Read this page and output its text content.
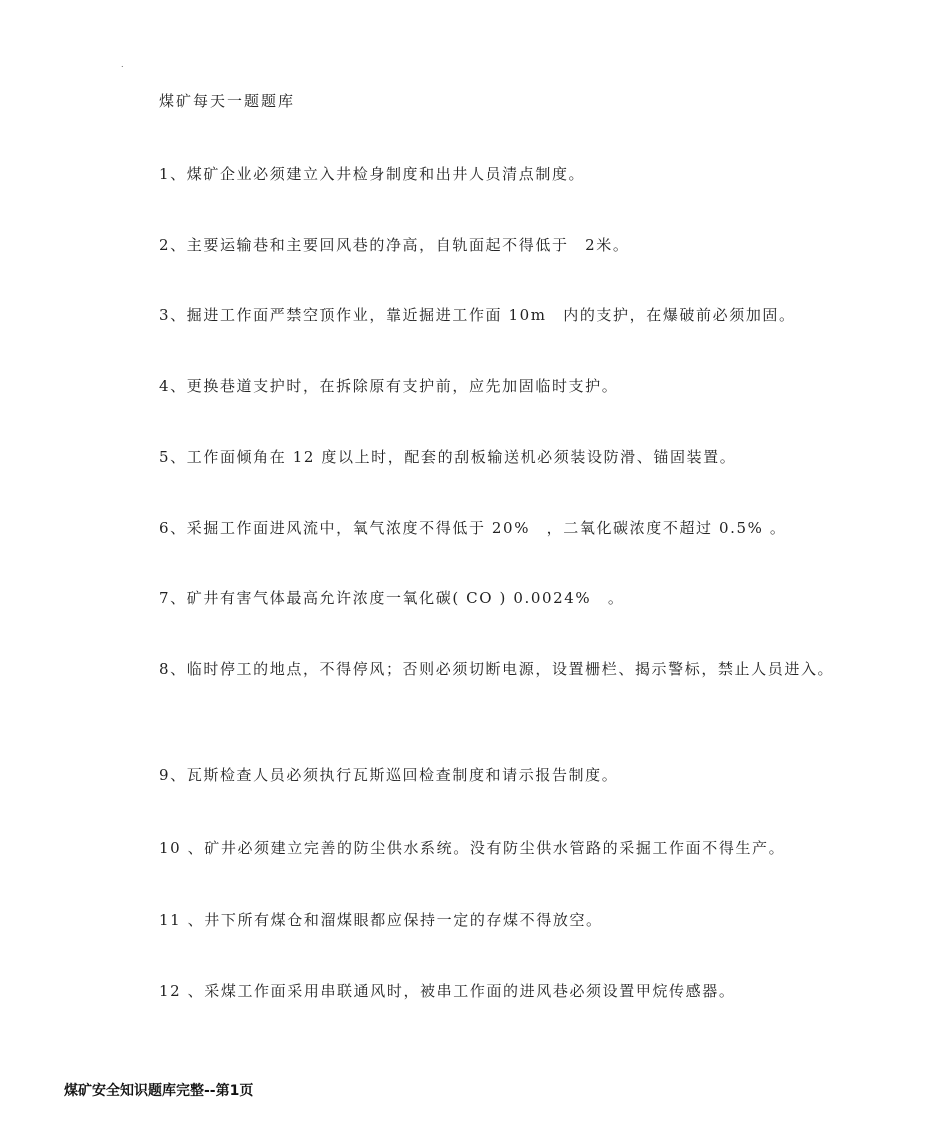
.
煤矿每天一题题库
1、煤矿企业必须建立入井检身制度和出井人员清点制度。
2、主要运输巷和主要回风巷的净高，自轨面起不得低于　2米。
3、掘进工作面严禁空顶作业，靠近掘进工作面 10m　内的支护，在爆破前必须加固。
4、更换巷道支护时，在拆除原有支护前，应先加固临时支护。
5、工作面倾角在 12 度以上时，配套的刮板输送机必须装设防滑、锚固装置。
6、采掘工作面进风流中，氧气浓度不得低于 20%　，二氧化碳浓度不超过 0.5% 。
7、矿井有害气体最高允许浓度一氧化碳( CO ) 0.0024%　。
8、临时停工的地点，不得停风；否则必须切断电源，设置栅栏、揭示警标，禁止人员进入。
9、瓦斯检查人员必须执行瓦斯巡回检查制度和请示报告制度。
10 、矿井必须建立完善的防尘供水系统。没有防尘供水管路的采掘工作面不得生产。
11 、井下所有煤仓和溜煤眼都应保持一定的存煤不得放空。
12 、采煤工作面采用串联通风时，被串工作面的进风巷必须设置甲烷传感器。
煤矿安全知识题库完整--第1页
